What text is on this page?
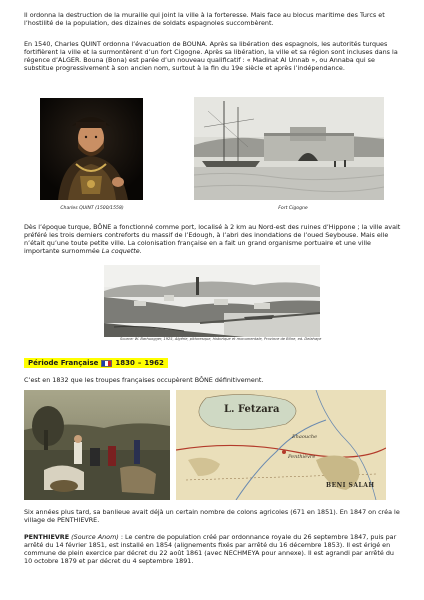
Il ordonna la destruction de la muraille qui joint la ville à la forteresse. Mais face au blocus maritime des Turcs et l’hostilité de la population, des dizaines de soldats espagnoles succombèrent.
En 1540, Charles QUINT ordonna l’évacuation de BOUNA. Après sa libération des espagnols, les autorités turques fortifièrent la ville et la surmontèrent d’un fort Cigogne. Après sa libération, la ville et sa région sont incluses dans la régence d’ALGER. Bouna (Bona) est parée d’un nouveau qualificatif : « Madinat Al Unnab », ou Annaba qui se substitue progressivement à son ancien nom, surtout à la fin du 19e siècle et après l’indépendance.
Charles QUINT (1500/1558)	Fort Cigogne
Dès l’époque turque, BÔNE a fonctionné comme port, localisé à 2 km au Nord-est des ruines d’Hippone ; la ville avait préféré les trois derniers contreforts du massif de l’Edough, à l’abri des inondations de l’oued Seybouse. Mais elle n’était qu’une toute petite ville. La colonisation française en a fait un grand organisme portuaire et une ville importante surnommée La coquette.
Source: W. Barhuogger, 1925, Algérie, pittoresque, historique et monumentale, Province de Bône, ed. Delahaye
Période Française 1830 – 1962
C’est en 1832 que les troupes françaises occupèrent BÔNE définitivement.
L. Fetzara
BENI SALAH
Ehaouche
Penthièvre
Six années plus tard, sa banlieue avait déjà un certain nombre de colons agricoles (671 en 1851). En 1847 on créa le village de PENTHIEVRE.
PENTHIEVRE (Source Anom) : Le centre de population créé par ordonnance royale du 26 septembre 1847, puis par arrêté du 14 février 1851, est installé en 1854 (alignements fixés par arrêté du 16 décembre 1853). Il est érigé en commune de plein exercice par décret du 22 août 1861 (avec NECHMEYA pour annexe). Il est agrandi par arrêté du 10 octobre 1879 et par décret du 4 septembre 1891.
